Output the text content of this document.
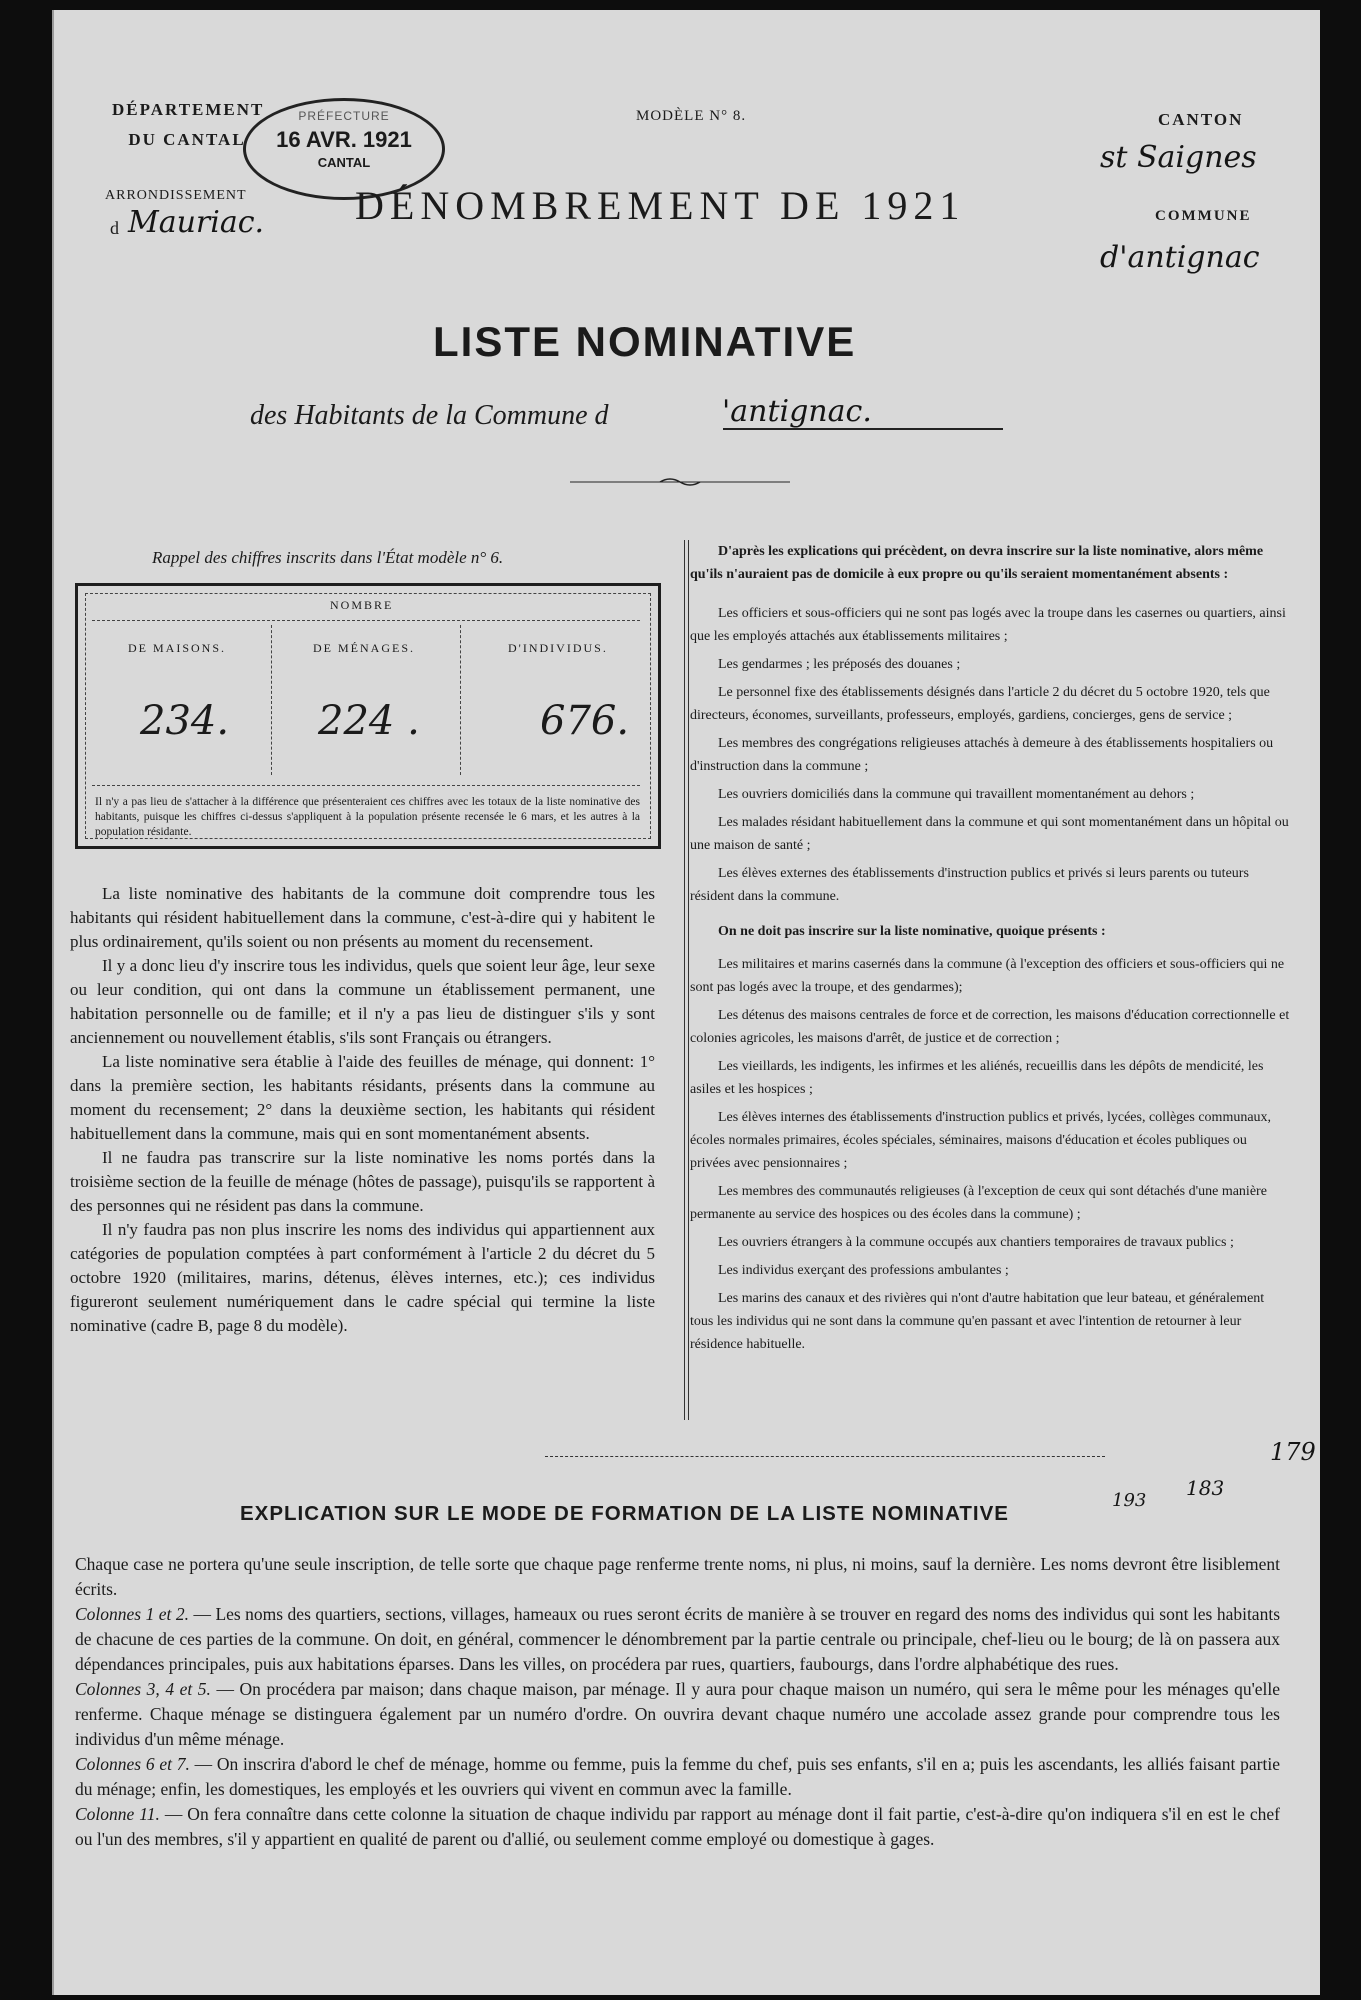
DÉPARTEMENT
DU CANTAL
ARRONDISSEMENT
d Mauriac.
PRÉFECTURE
16 AVR. 1921
CANTAL
MODÈLE N° 8.	CANTON
st Saignes
COMMUNE
d'antignac
DÉNOMBREMENT DE 1921
LISTE NOMINATIVE
des Habitants de la Commune d	'antignac.
Rappel des chiffres inscrits dans l'État modèle n° 6.
NOMBRE
DE MAISONS.	DE MÉNAGES.	D'INDIVIDUS.
234. 224 .	676.
Il n'y a pas lieu de s'attacher à la différence que présenteraient ces chiffres avec les totaux de la liste nominative des habitants, puisque les chiffres ci-dessus s'appliquent à la population présente recensée le 6 mars, et les autres à la population résidante.

La liste nominative des habitants de la commune doit comprendre tous les habitants qui résident habituellement dans la commune, c'est-à-dire qui y habitent le plus ordinairement, qu'ils soient ou non présents au moment du recensement.

Il y a donc lieu d'y inscrire tous les individus, quels que soient leur âge, leur sexe ou leur condition, qui ont dans la commune un établissement permanent, une habitation personnelle ou de famille; et il n'y a pas lieu de distinguer s'ils y sont anciennement ou nouvellement établis, s'ils sont Français ou étrangers.

La liste nominative sera établie à l'aide des feuilles de ménage, qui donnent: 1° dans la première section, les habitants résidants, présents dans la commune au moment du recensement; 2° dans la deuxième section, les habitants qui résident habituellement dans la commune, mais qui en sont momentanément absents.

Il ne faudra pas transcrire sur la liste nominative les noms portés dans la troisième section de la feuille de ménage (hôtes de passage), puisqu'ils se rapportent à des personnes qui ne résident pas dans la commune.

Il n'y faudra pas non plus inscrire les noms des individus qui appartiennent aux catégories de population comptées à part conformément à l'article 2 du décret du 5 octobre 1920 (militaires, marins, détenus, élèves internes, etc.); ces individus figureront seulement numériquement dans le cadre spécial qui termine la liste nominative (cadre B, page 8 du modèle).

D'après les explications qui précèdent, on devra inscrire sur la liste nominative, alors même qu'ils n'auraient pas de domicile à eux propre ou qu'ils seraient momentanément absents :

Les officiers et sous-officiers qui ne sont pas logés avec la troupe dans les casernes ou quartiers, ainsi que les employés attachés aux établissements militaires ;

Les gendarmes ; les préposés des douanes ;

Le personnel fixe des établissements désignés dans l'article 2 du décret du 5 octobre 1920, tels que directeurs, économes, surveillants, professeurs, employés, gardiens, concierges, gens de service ;

Les membres des congrégations religieuses attachés à demeure à des établissements hospitaliers ou d'instruction dans la commune ;

Les ouvriers domiciliés dans la commune qui travaillent momentanément au dehors ;

Les malades résidant habituellement dans la commune et qui sont momentanément dans un hôpital ou une maison de santé ;

Les élèves externes des établissements d'instruction publics et privés si leurs parents ou tuteurs résident dans la commune.

On ne doit pas inscrire sur la liste nominative, quoique présents :

Les militaires et marins casernés dans la commune (à l'exception des officiers et sous-officiers qui ne sont pas logés avec la troupe, et des gendarmes);

Les détenus des maisons centrales de force et de correction, les maisons d'éducation correctionnelle et colonies agricoles, les maisons d'arrêt, de justice et de correction ;

Les vieillards, les indigents, les infirmes et les aliénés, recueillis dans les dépôts de mendicité, les asiles et les hospices ;

Les élèves internes des établissements d'instruction publics et privés, lycées, collèges communaux, écoles normales primaires, écoles spéciales, séminaires, maisons d'éducation et écoles publiques ou privées avec pensionnaires ;

Les membres des communautés religieuses (à l'exception de ceux qui sont détachés d'une manière permanente au service des hospices ou des écoles dans la commune) ;

Les ouvriers étrangers à la commune occupés aux chantiers temporaires de travaux publics ;

Les individus exerçant des professions ambulantes ;

Les marins des canaux et des rivières qui n'ont d'autre habitation que leur bateau, et généralement tous les individus qui ne sont dans la commune qu'en passant et avec l'intention de retourner à leur résidence habituelle.

179
183
193
EXPLICATION SUR LE MODE DE FORMATION DE LA LISTE NOMINATIVE

Chaque case ne portera qu'une seule inscription, de telle sorte que chaque page renferme trente noms, ni plus, ni moins, sauf la dernière. Les noms devront être lisiblement écrits.

Colonnes 1 et 2. — Les noms des quartiers, sections, villages, hameaux ou rues seront écrits de manière à se trouver en regard des noms des individus qui sont les habitants de chacune de ces parties de la commune. On doit, en général, commencer le dénombrement par la partie centrale ou principale, chef-lieu ou le bourg; de là on passera aux dépendances principales, puis aux habitations éparses. Dans les villes, on procédera par rues, quartiers, faubourgs, dans l'ordre alphabétique des rues.

Colonnes 3, 4 et 5. — On procédera par maison; dans chaque maison, par ménage. Il y aura pour chaque maison un numéro, qui sera le même pour les ménages qu'elle renferme. Chaque ménage se distinguera également par un numéro d'ordre. On ouvrira devant chaque numéro une accolade assez grande pour comprendre tous les individus d'un même ménage.

Colonnes 6 et 7. — On inscrira d'abord le chef de ménage, homme ou femme, puis la femme du chef, puis ses enfants, s'il en a; puis les ascendants, les alliés faisant partie du ménage; enfin, les domestiques, les employés et les ouvriers qui vivent en commun avec la famille.

Colonne 11. — On fera connaître dans cette colonne la situation de chaque individu par rapport au ménage dont il fait partie, c'est-à-dire qu'on indiquera s'il en est le chef ou l'un des membres, s'il y appartient en qualité de parent ou d'allié, ou seulement comme employé ou domestique à gages.
